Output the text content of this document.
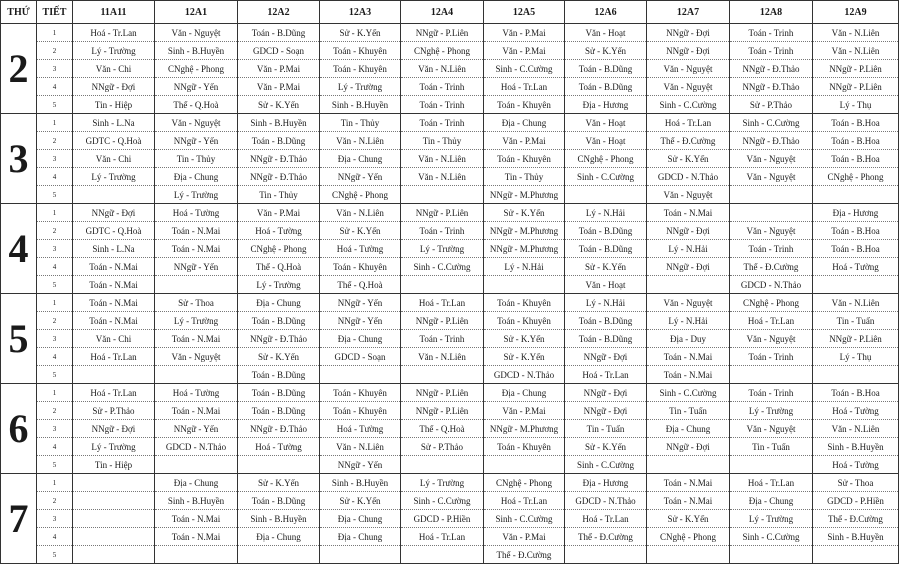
THỨ	TIẾT	11A11	12A1	12A2	12A3	12A4	12A5	12A6	12A7	12A8	12A9
2	1	Hoá - Tr.Lan	Văn - Nguyệt	Toán - B.Dũng	Sử - K.Yến	NNgữ - P.Liên	Văn - P.Mai	Văn - Hoạt	NNgữ - Đợi	Toán - Trinh	Văn - N.Liên
	2	Lý - Trường	Sinh - B.Huyền	GDCD - Soạn	Toán - Khuyên	CNghệ - Phong	Văn - P.Mai	Sử - K.Yến	NNgữ - Đợi	Toán - Trinh	Văn - N.Liên
	3	Văn - Chi	CNghệ - Phong	Văn - P.Mai	Toán - Khuyên	Văn - N.Liên	Sinh - C.Cường	Toán - B.Dũng	Văn - Nguyệt	NNgữ - Đ.Thảo	NNgữ - P.Liên
	4	NNgữ - Đợi	NNgữ - Yến	Văn - P.Mai	Lý - Trường	Toán - Trinh	Hoá - Tr.Lan	Toán - B.Dũng	Văn - Nguyệt	NNgữ - Đ.Thảo	NNgữ - P.Liên
	5	Tin - Hiệp	Thể - Q.Hoà	Sử - K.Yến	Sinh - B.Huyền	Toán - Trinh	Toán - Khuyên	Địa - Hương	Sinh - C.Cường	Sử - P.Thảo	Lý - Thụ
3	1	Sinh - L.Na	Văn - Nguyệt	Sinh - B.Huyền	Tin - Thủy	Toán - Trinh	Địa - Chung	Văn - Hoạt	Hoá - Tr.Lan	Sinh - C.Cường	Toán - B.Hoa
	2	GDTC - Q.Hoà	NNgữ - Yến	Toán - B.Dũng	Văn - N.Liên	Tin - Thủy	Văn - P.Mai	Văn - Hoạt	Thể - Đ.Cường	NNgữ - Đ.Thảo	Toán - B.Hoa
	3	Văn - Chi	Tin - Thủy	NNgữ - Đ.Thảo	Địa - Chung	Văn - N.Liên	Toán - Khuyên	CNghệ - Phong	Sử - K.Yến	Văn - Nguyệt	Toán - B.Hoa
	4	Lý - Trường	Địa - Chung	NNgữ - Đ.Thảo	NNgữ - Yến	Văn - N.Liên	Tin - Thủy	Sinh - C.Cường	GDCD - N.Thảo	Văn - Nguyệt	CNghệ - Phong
	5		Lý - Trường	Tin - Thủy	CNghệ - Phong		NNgữ - M.Phương		Văn - Nguyệt		
4	1	NNgữ - Đợi	Hoá - Tường	Văn - P.Mai	Văn - N.Liên	NNgữ - P.Liên	Sử - K.Yến	Lý - N.Hải	Toán - N.Mai		Địa - Hương
	2	GDTC - Q.Hoà	Toán - N.Mai	Hoá - Tường	Sử - K.Yến	Toán - Trinh	NNgữ - M.Phương	Toán - B.Dũng	NNgữ - Đợi	Văn - Nguyệt	Toán - B.Hoa
	3	Sinh - L.Na	Toán - N.Mai	CNghệ - Phong	Hoá - Tường	Lý - Trường	NNgữ - M.Phương	Toán - B.Dũng	Lý - N.Hải	Toán - Trinh	Toán - B.Hoa
	4	Toán - N.Mai	NNgữ - Yến	Thể - Q.Hoà	Toán - Khuyên	Sinh - C.Cường	Lý - N.Hải	Sử - K.Yến	NNgữ - Đợi	Thể - Đ.Cường	Hoá - Tường
	5	Toán - N.Mai		Lý - Trường	Thể - Q.Hoà			Văn - Hoạt		GDCD - N.Thảo	
5	1	Toán - N.Mai	Sử - Thoa	Địa - Chung	NNgữ - Yến	Hoá - Tr.Lan	Toán - Khuyên	Lý - N.Hải	Văn - Nguyệt	CNghệ - Phong	Văn - N.Liên
	2	Toán - N.Mai	Lý - Trường	Toán - B.Dũng	NNgữ - Yến	NNgữ - P.Liên	Toán - Khuyên	Toán - B.Dũng	Lý - N.Hải	Hoá - Tr.Lan	Tin - Tuấn
	3	Văn - Chi	Toán - N.Mai	NNgữ - Đ.Thảo	Địa - Chung	Toán - Trinh	Sử - K.Yến	Toán - B.Dũng	Địa - Duy	Văn - Nguyệt	NNgữ - P.Liên
	4	Hoá - Tr.Lan	Văn - Nguyệt	Sử - K.Yến	GDCD - Soạn	Văn - N.Liên	Sử - K.Yến	NNgữ - Đợi	Toán - N.Mai	Toán - Trinh	Lý - Thụ
	5			Toán - B.Dũng			GDCD - N.Thảo	Hoá - Tr.Lan	Toán - N.Mai		
6	1	Hoá - Tr.Lan	Hoá - Tường	Toán - B.Dũng	Toán - Khuyên	NNgữ - P.Liên	Địa - Chung	NNgữ - Đợi	Sinh - C.Cường	Toán - Trinh	Toán - B.Hoa
	2	Sử - P.Thảo	Toán - N.Mai	Toán - B.Dũng	Toán - Khuyên	NNgữ - P.Liên	Văn - P.Mai	NNgữ - Đợi	Tin - Tuấn	Lý - Trường	Hoá - Tường
	3	NNgữ - Đợi	NNgữ - Yến	NNgữ - Đ.Thảo	Hoá - Tường	Thể - Q.Hoà	NNgữ - M.Phương	Tin - Tuấn	Địa - Chung	Văn - Nguyệt	Văn - N.Liên
	4	Lý - Trường	GDCD - N.Thảo	Hoá - Tường	Văn - N.Liên	Sử - P.Thảo	Toán - Khuyên	Sử - K.Yến	NNgữ - Đợi	Tin - Tuấn	Sinh - B.Huyền
	5	Tin - Hiệp			NNgữ - Yến			Sinh - C.Cường			Hoá - Tường
7	1		Địa - Chung	Sử - K.Yến	Sinh - B.Huyền	Lý - Trường	CNghệ - Phong	Địa - Hương	Toán - N.Mai	Hoá - Tr.Lan	Sử - Thoa
	2		Sinh - B.Huyền	Toán - B.Dũng	Sử - K.Yến	Sinh - C.Cường	Hoá - Tr.Lan	GDCD - N.Thảo	Toán - N.Mai	Địa - Chung	GDCD - P.Hiền
	3		Toán - N.Mai	Sinh - B.Huyền	Địa - Chung	GDCD - P.Hiền	Sinh - C.Cường	Hoá - Tr.Lan	Sử - K.Yến	Lý - Trường	Thể - Đ.Cường
	4		Toán - N.Mai	Địa - Chung	Địa - Chung	Hoá - Tr.Lan	Văn - P.Mai	Thể - Đ.Cường	CNghệ - Phong	Sinh - C.Cường	Sinh - B.Huyền
	5						Thể - Đ.Cường				
